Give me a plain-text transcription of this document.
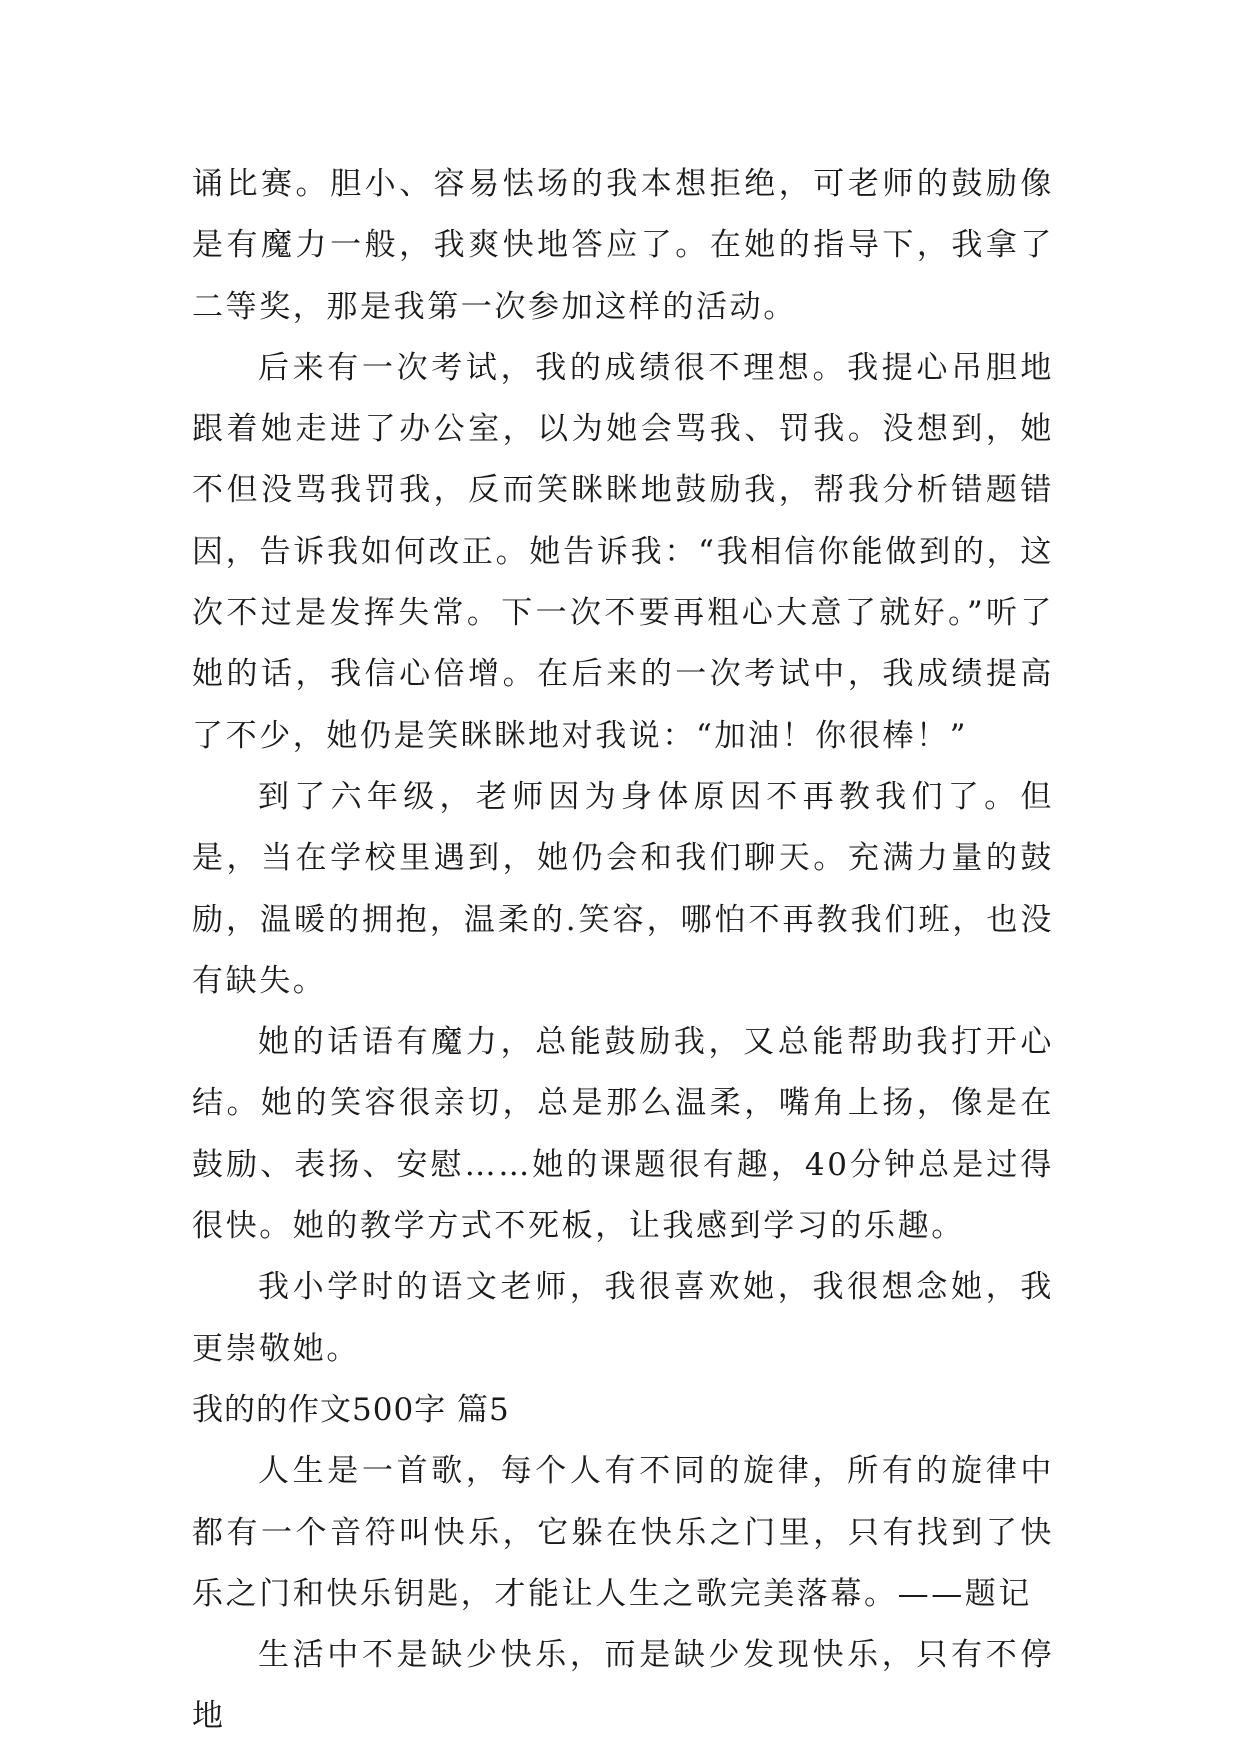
诵比赛。胆小、容易怯场的我本想拒绝，可老师的鼓励像是有魔力一般，我爽快地答应了。在她的指导下，我拿了二等奖，那是我第一次参加这样的活动。

后来有一次考试，我的成绩很不理想。我提心吊胆地跟着她走进了办公室，以为她会骂我、罚我。没想到，她不但没骂我罚我，反而笑眯眯地鼓励我，帮我分析错题错因，告诉我如何改正。她告诉我：“我相信你能做到的，这次不过是发挥失常。下一次不要再粗心大意了就好。”听了她的话，我信心倍增。在后来的一次考试中，我成绩提高了不少，她仍是笑眯眯地对我说：“加油！你很棒！”

到了六年级，老师因为身体原因不再教我们了。但是，当在学校里遇到，她仍会和我们聊天。充满力量的鼓励，温暖的拥抱，温柔的.笑容，哪怕不再教我们班，也没有缺失。

她的话语有魔力，总能鼓励我，又总能帮助我打开心结。她的笑容很亲切，总是那么温柔，嘴角上扬，像是在鼓励、表扬、安慰……她的课题很有趣，40分钟总是过得很快。她的教学方式不死板，让我感到学习的乐趣。

我小学时的语文老师，我很喜欢她，我很想念她，我更崇敬她。

我的的作文500字 篇5

人生是一首歌，每个人有不同的旋律，所有的旋律中都有一个音符叫快乐，它躲在快乐之门里，只有找到了快乐之门和快乐钥匙，才能让人生之歌完美落幕。——题记

生活中不是缺少快乐，而是缺少发现快乐，只有不停地
